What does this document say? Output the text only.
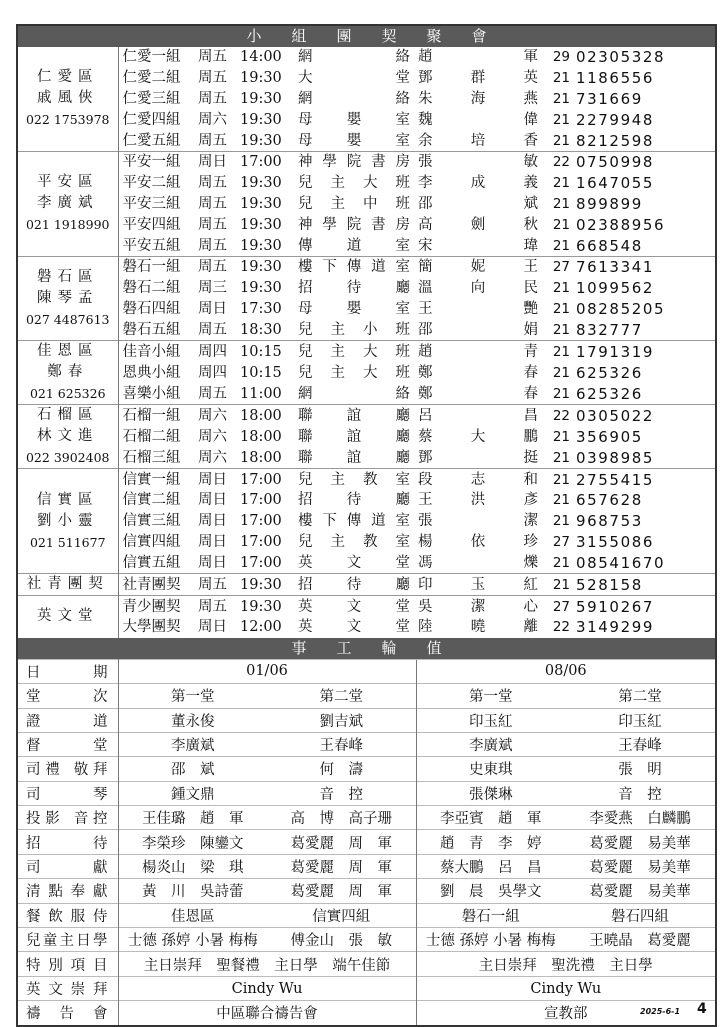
小組團契聚會
仁愛區
戚風俠
022 1753978	仁愛一組	周五	14:00	網絡	趙軍	29	02305328
	仁愛二組	周五	19:30	大堂	鄧群英	21	1186556
	仁愛三組	周五	19:30	網絡	朱海燕	21	731669
	仁愛四組	周六	19:30	母嬰室	魏偉	21	2279948
	仁愛五組	周五	19:30	母嬰室	余培香	21	8212598

平安區
李廣斌
021 1918990	平安一組	周日	17:00	神學院書房	張敏	22	0750998
	平安二組	周五	19:30	兒主大班	李成義	21	1647055
	平安三組	周五	19:30	兒主中班	邵斌	21	899899
	平安四組	周五	19:30	神學院書房	高劍秋	21	02388956
	平安五組	周五	19:30	傳道室	宋瑋	21	668548

磐石區
陳琴孟
027 4487613	磐石一組	周五	19:30	樓下傳道室	簡妮王	27	7613341
	磐石二組	周三	19:30	招待廳	溫向民	21	1099562
	磐石四組	周日	17:30	母嬰室	王艷	21	08285205
	磐石五組	周五	18:30	兒主小班	邵娟	21	832777

佳恩區
鄭春
021 625326	佳音小組	周四	10:15	兒主大班	趙青	21	1791319
	恩典小組	周四	10:15	兒主大班	鄭春	21	625326
	喜樂小組	周五	11:00	網絡	鄭春	21	625326

石榴區
林文進
022 3902408	石榴一組	周六	18:00	聯誼廳	呂昌	22	0305022
	石榴二組	周六	18:00	聯誼廳	蔡大鵬	21	356905
	石榴三組	周六	18:00	聯誼廳	鄧挺	21	0398985

信實區
劉小靈
021 511677	信實一組	周日	17:00	兒主教室	段志和	21	2755415
	信實二組	周日	17:00	招待廳	王洪彥	21	657628
	信實三組	周日	17:00	樓下傳道室	張潔	21	968753
	信實四組	周日	17:00	兒主教室	楊依珍	27	3155086
	信實五組	周日	17:00	英文堂	馮爍	21	08541670

社青團契	社青團契	周五	19:30	招待廳	印玉紅	21	528158

英文堂	青少團契	周五	19:30	英文堂	吳潔心	27	5910267
	大學團契	周日	12:00	英文堂	陸曉離	22	3149299
事工輪值
日期	01/06		08/06	
堂次	第一堂	第二堂	第一堂	第二堂
證道	董永俊	劉吉斌	印玉紅	印玉紅
督堂	李廣斌	王春峰	李廣斌	王春峰
司禮 敬拜	邵　斌	何　濤	史東琪	張　明
司琴	鍾文鼎	音　控	張傑琳	音　控
投影 音控	王佳璐　趙　軍	高　博　高子珊	李亞賓　趙　軍	李愛燕　白麟鵬
招待	李榮珍　陳鑾文	葛愛麗　周　軍	趙　青　李　婷	葛愛麗　易美華
司獻	楊炎山　梁　琪	葛愛麗　周　軍	蔡大鵬　呂　昌	葛愛麗　易美華
清點奉獻	黃　川　吳詩蕾	葛愛麗　周　軍	劉　晨　吳學文	葛愛麗　易美華
餐飲服侍	佳恩區	信實四組	磐石一組	磐石四組
兒童主日學	士德 孫婷 小暑 梅梅	傅金山　張　敏	士德 孫婷 小暑 梅梅	王曉晶　葛愛麗
特別項目	主日崇拜　聖餐禮　主日學　端午佳節		主日崇拜　聖洗禮　主日學	
英文崇拜	Cindy Wu		Cindy Wu	
禱告會	中區聯合禱告會		宣教部		2025-6-1 4
